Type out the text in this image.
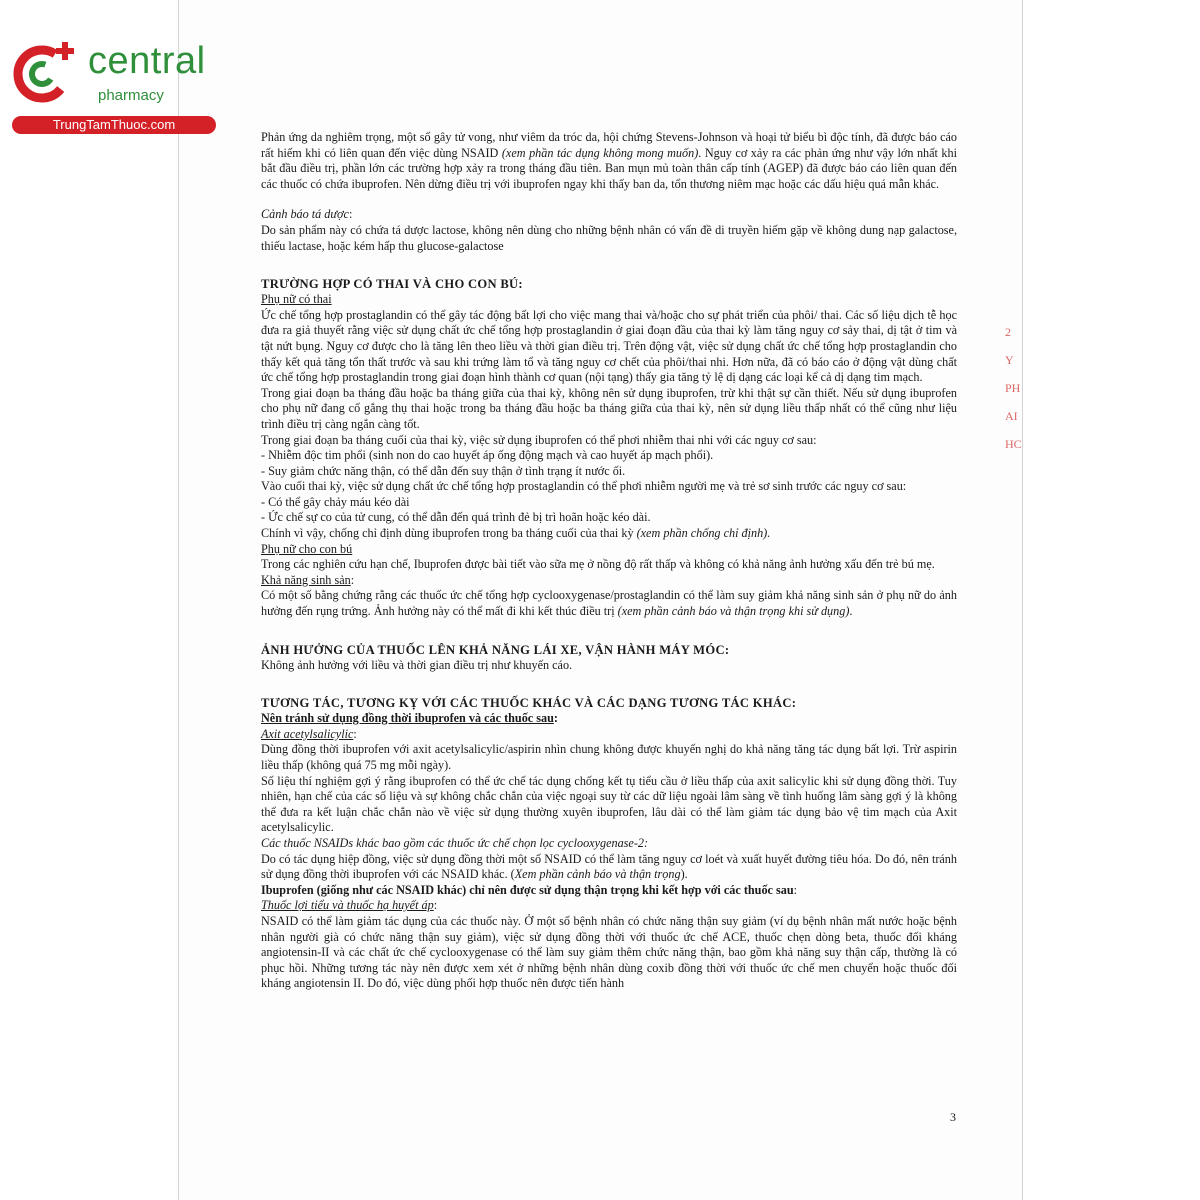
central
pharmacy
TrungTamThuoc.com
2
Y
PH
AI
HC

Phản ứng da nghiêm trọng, một số gây tử vong, như viêm da tróc da, hội chứng Stevens-Johnson và hoại tử biểu bì độc tính, đã được báo cáo rất hiếm khi có liên quan đến việc dùng NSAID (xem phần tác dụng không mong muốn). Nguy cơ xảy ra các phản ứng như vậy lớn nhất khi bắt đầu điều trị, phần lớn các trường hợp xảy ra trong tháng đầu tiên. Ban mụn mủ toàn thân cấp tính (AGEP) đã được báo cáo liên quan đến các thuốc có chứa ibuprofen. Nên dừng điều trị với ibuprofen ngay khi thấy ban da, tổn thương niêm mạc hoặc các dấu hiệu quá mẫn khác.

Cảnh báo tá dược:

Do sản phẩm này có chứa tá dược lactose, không nên dùng cho những bệnh nhân có vấn đề di truyền hiếm gặp về không dung nạp galactose, thiếu lactase, hoặc kém hấp thu glucose-galactose

TRƯỜNG HỢP CÓ THAI VÀ CHO CON BÚ:

Phụ nữ có thai

Ức chế tổng hợp prostaglandin có thể gây tác động bất lợi cho việc mang thai và/hoặc cho sự phát triển của phôi/ thai. Các số liệu dịch tễ học đưa ra giả thuyết rằng việc sử dụng chất ức chế tổng hợp prostaglandin ở giai đoạn đầu của thai kỳ làm tăng nguy cơ sảy thai, dị tật ở tim và tật nứt bụng. Nguy cơ được cho là tăng lên theo liều và thời gian điều trị. Trên động vật, việc sử dụng chất ức chế tổng hợp prostaglandin cho thấy kết quả tăng tổn thất trước và sau khi trứng làm tổ và tăng nguy cơ chết của phôi/thai nhi. Hơn nữa, đã có báo cáo ở động vật dùng chất ức chế tổng hợp prostaglandin trong giai đoạn hình thành cơ quan (nội tạng) thấy gia tăng tỷ lệ dị dạng các loại kể cả dị dạng tim mạch.

Trong giai đoạn ba tháng đầu hoặc ba tháng giữa của thai kỳ, không nên sử dụng ibuprofen, trừ khi thật sự cần thiết. Nếu sử dụng ibuprofen cho phụ nữ đang cố gắng thụ thai hoặc trong ba tháng đầu hoặc ba tháng giữa của thai kỳ, nên sử dụng liều thấp nhất có thể cũng như liệu trình điều trị càng ngắn càng tốt.

Trong giai đoạn ba tháng cuối của thai kỳ, việc sử dụng ibuprofen có thể phơi nhiễm thai nhi với các nguy cơ sau:

- Nhiễm độc tim phổi (sinh non do cao huyết áp ống động mạch và cao huyết áp mạch phổi).

- Suy giảm chức năng thận, có thể dẫn đến suy thận ở tình trạng ít nước ối.

Vào cuối thai kỳ, việc sử dụng chất ức chế tổng hợp prostaglandin có thể phơi nhiễm người mẹ và trẻ sơ sinh trước các nguy cơ sau:

- Có thể gây chảy máu kéo dài

- Ức chế sự co của tử cung, có thể dẫn đến quá trình đẻ bị trì hoãn hoặc kéo dài.

Chính vì vậy, chống chỉ định dùng ibuprofen trong ba tháng cuối của thai kỳ (xem phần chống chỉ định).

Phụ nữ cho con bú

Trong các nghiên cứu hạn chế, Ibuprofen được bài tiết vào sữa mẹ ở nồng độ rất thấp và không có khả năng ảnh hưởng xấu đến trẻ bú mẹ.

Khả năng sinh sản:

Có một số bằng chứng rằng các thuốc ức chế tổng hợp cyclooxygenase/prostaglandin có thể làm suy giảm khả năng sinh sản ở phụ nữ do ảnh hưởng đến rụng trứng. Ảnh hưởng này có thể mất đi khi kết thúc điều trị (xem phần cảnh báo và thận trọng khi sử dụng).

ẢNH HƯỞNG CỦA THUỐC LÊN KHẢ NĂNG LÁI XE, VẬN HÀNH MÁY MÓC:

Không ảnh hưởng với liều và thời gian điều trị như khuyến cáo.

TƯƠNG TÁC, TƯƠNG KỴ VỚI CÁC THUỐC KHÁC VÀ CÁC DẠNG TƯƠNG TÁC KHÁC:

Nên tránh sử dụng đồng thời ibuprofen và các thuốc sau:

Axit acetylsalicylic:

Dùng đồng thời ibuprofen với axit acetylsalicylic/aspirin nhìn chung không được khuyến nghị do khả năng tăng tác dụng bất lợi. Trừ aspirin liều thấp (không quá 75 mg mỗi ngày).

Số liệu thí nghiệm gợi ý rằng ibuprofen có thể ức chế tác dụng chống kết tụ tiểu cầu ở liều thấp của axit salicylic khi sử dụng đồng thời. Tuy nhiên, hạn chế của các số liệu và sự không chắc chắn của việc ngoại suy từ các dữ liệu ngoài lâm sàng về tình huống lâm sàng gợi ý là không thể đưa ra kết luận chắc chắn nào về việc sử dụng thường xuyên ibuprofen, lâu dài có thể làm giảm tác dụng bảo vệ tim mạch của Axit acetylsalicylic.

Các thuốc NSAIDs khác bao gồm các thuốc ức chế chọn lọc cyclooxygenase-2:

Do có tác dụng hiệp đồng, việc sử dụng đồng thời một số NSAID có thể làm tăng nguy cơ loét và xuất huyết đường tiêu hóa. Do đó, nên tránh sử dụng đồng thời ibuprofen với các NSAID khác. (Xem phần cảnh báo và thận trọng).

Ibuprofen (giống như các NSAID khác) chỉ nên được sử dụng thận trọng khi kết hợp với các thuốc sau:

Thuốc lợi tiểu và thuốc hạ huyết áp:

NSAID có thể làm giảm tác dụng của các thuốc này. Ở một số bệnh nhân có chức năng thận suy giảm (ví dụ bệnh nhân mất nước hoặc bệnh nhân người già có chức năng thận suy giảm), việc sử dụng đồng thời với thuốc ức chế ACE, thuốc chẹn dòng beta, thuốc đối kháng angiotensin-II và các chất ức chế cyclooxygenase có thể làm suy giảm thêm chức năng thận, bao gồm khả năng suy thận cấp, thường là có phục hồi. Những tương tác này nên được xem xét ở những bệnh nhân dùng coxib đồng thời với thuốc ức chế men chuyển hoặc thuốc đối kháng angiotensin II. Do đó, việc dùng phối hợp thuốc nên được tiến hành

3
